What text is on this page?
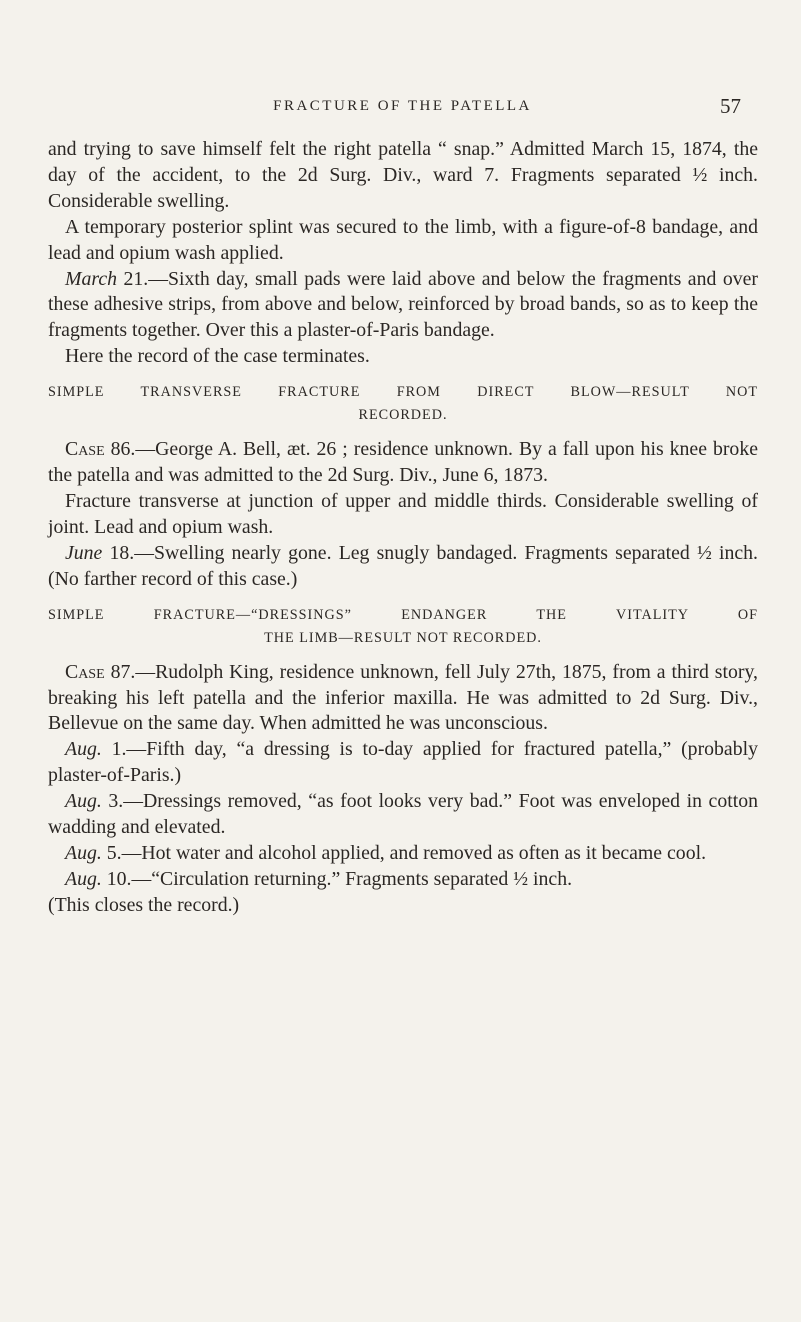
FRACTURE OF THE PATELLA	57

and trying to save himself felt the right patella “ snap.” Admitted March 15, 1874, the day of the accident, to the 2d Surg. Div., ward 7. Fragments separated ½ inch. Considerable swelling.

A temporary posterior splint was secured to the limb, with a figure-of-8 bandage, and lead and opium wash applied.

March 21.—Sixth day, small pads were laid above and below the fragments and over these adhesive strips, from above and below, reinforced by broad bands, so as to keep the fragments together. Over this a plaster-of-Paris bandage.

Here the record of the case terminates.

SIMPLE TRANSVERSE FRACTURE FROM DIRECT BLOW—RESULT NOT
RECORDED.

Case 86.—George A. Bell, æt. 26 ; residence unknown. By a fall upon his knee broke the patella and was admitted to the 2d Surg. Div., June 6, 1873.

Fracture transverse at junction of upper and middle thirds. Considerable swelling of joint. Lead and opium wash.

June 18.—Swelling nearly gone. Leg snugly bandaged. Fragments separated ½ inch. (No farther record of this case.)

SIMPLE FRACTURE—“DRESSINGS” ENDANGER THE VITALITY OF
THE LIMB—RESULT NOT RECORDED.

Case 87.—Rudolph King, residence unknown, fell July 27th, 1875, from a third story, breaking his left patella and the inferior maxilla. He was admitted to 2d Surg. Div., Bellevue on the same day. When admitted he was unconscious.

Aug. 1.—Fifth day, “a dressing is to-day applied for fractured patella,” (probably plaster-of-Paris.)

Aug. 3.—Dressings removed, “as foot looks very bad.” Foot was enveloped in cotton wadding and elevated.

Aug. 5.—Hot water and alcohol applied, and removed as often as it became cool.

Aug. 10.—“Circulation returning.” Fragments separated ½ inch.

(This closes the record.)
